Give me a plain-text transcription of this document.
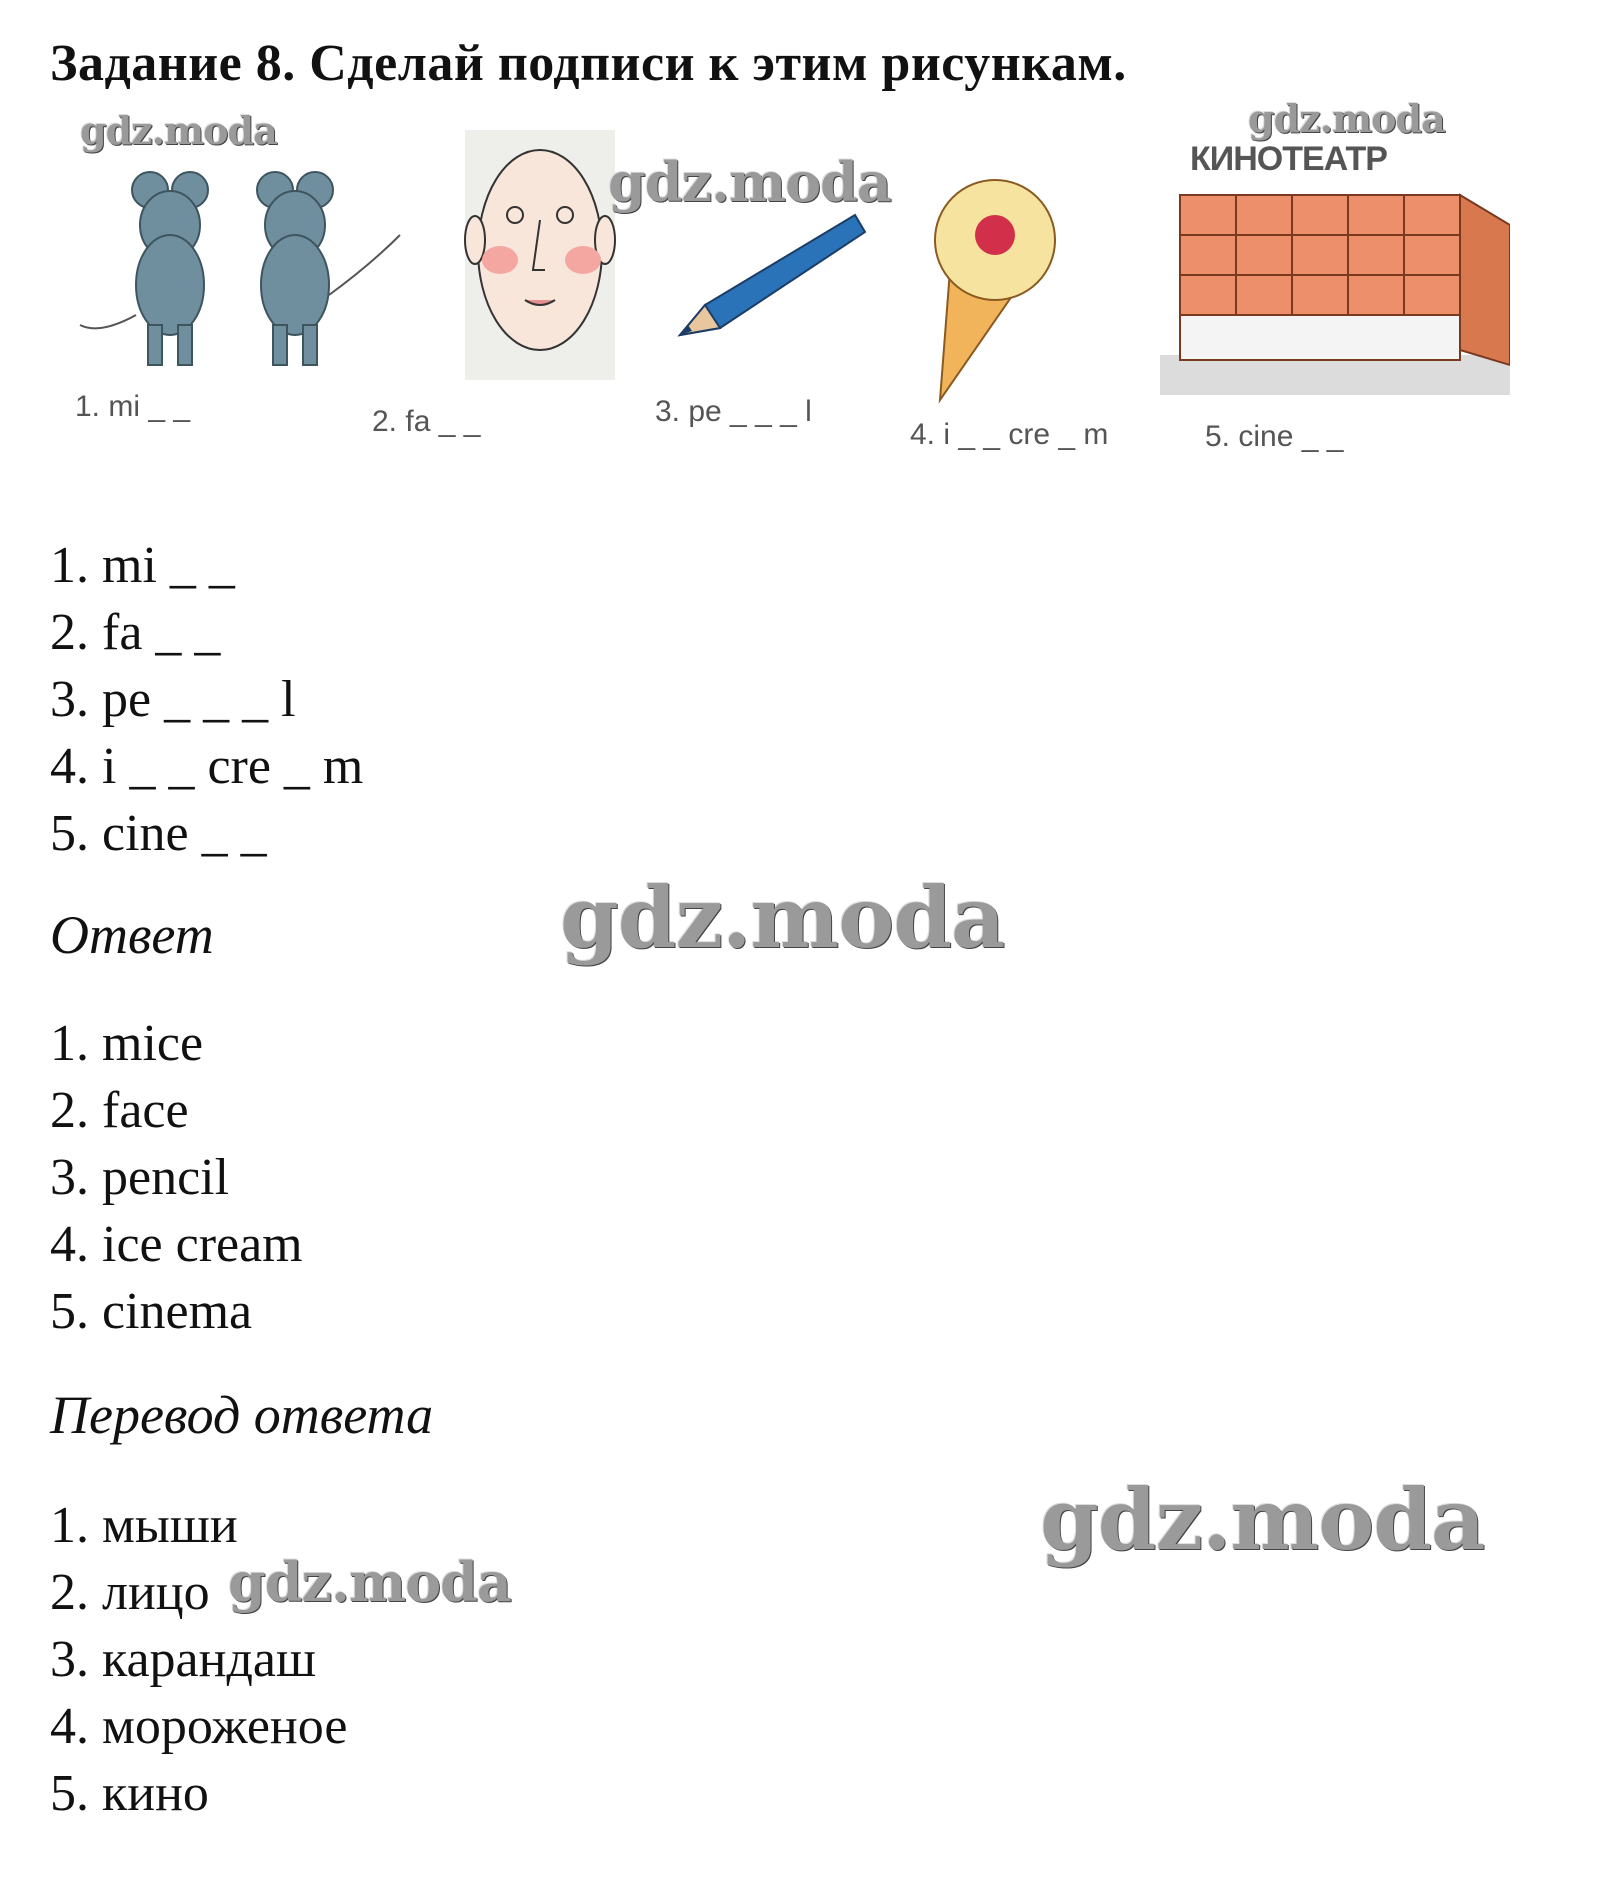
Задание 8. Сделай подписи к этим рисункам.
КИНОТЕАТР
1. mi _ _	2. fa _ _	3. pe _ _ _ l
4. i _ _ cre _ m	5. cine _ _
1. mi _ _
2. fa _ _
3. pe _ _ _ l
4. i _ _ cre _ m
5. cine _ _
Ответ
1. mice
2. face
3. pencil
4. ice cream
5. cinema
Перевод ответа
1. мыши
2. лицо
3. карандаш
4. мороженое
5. кино
gdz.moda	gdz.moda
gdz.moda
gdz.moda
gdz.moda
gdz.moda
